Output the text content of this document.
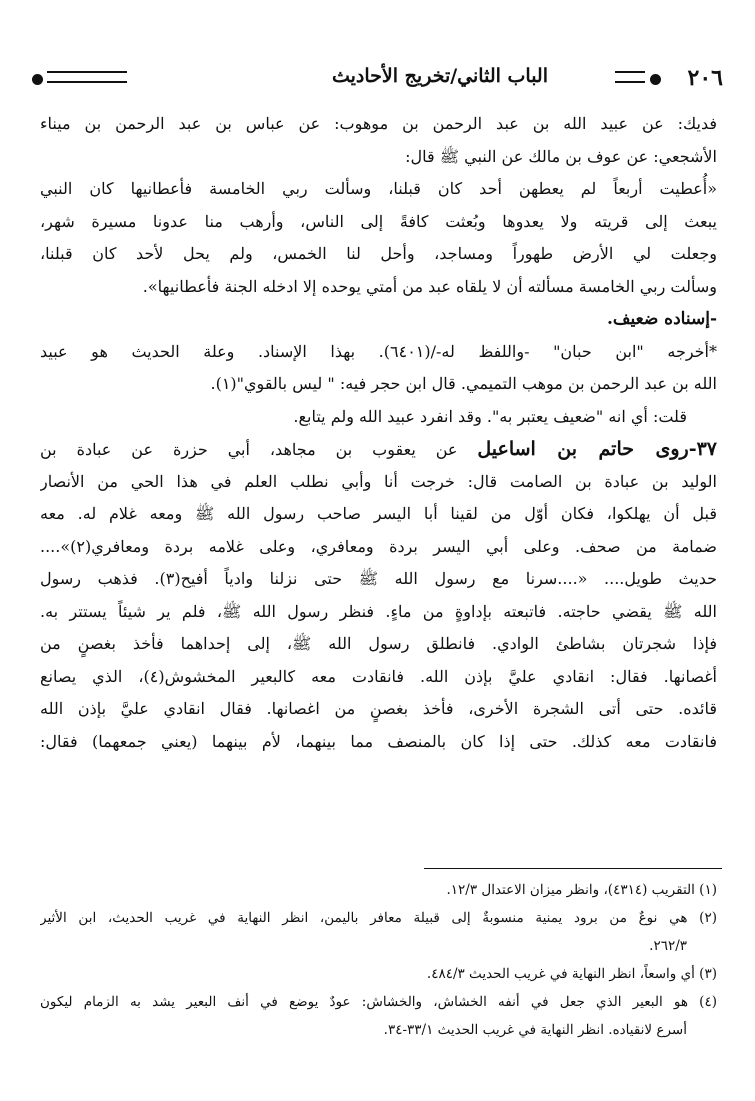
٢٠٦
الباب الثاني/تخريج الأحاديث
فديك: عن عبيد الله بن عبد الرحمن بن موهوب: عن عباس بن عبد الرحمن بن ميناء
الأشجعي: عن عوف بن مالك عن النبي ﷺ قال:
«أُعطيت أربعاً لم يعطهن أحد كان قبلنا، وسألت ربي الخامسة فأعطانيها كان النبي
يبعث إلى قريته ولا يعدوها وبُعثت كافةً إلى الناس، وأرهب منا عدونا مسيرة شهر،
وجعلت لي الأرض طهوراً ومساجد، وأحل لنا الخمس، ولم يحل لأحد كان قبلنا،
وسألت ربي الخامسة مسألته أن لا يلقاه عبد من أمتي يوحده إلا ادخله الجنة فأعطانيها».
-إسناده ضعيف.
*أخرجه "ابن حبان" -واللفظ له-/(٦٤٠١). بهذا الإسناد. وعلة الحديث هو عبيد
الله بن عبد الرحمن بن موهب التميمي. قال ابن حجر فيه: " ليس بالقوي"(١).
قلت: أي انه "ضعيف يعتبر به". وقد انفرد عبيد الله ولم يتابع.
٣٧-روى حاتم بن اساعيل عن يعقوب بن مجاهد، أبي حزرة عن عبادة بن
الوليد بن عبادة بن الصامت قال: خرجت أنا وأبي نطلب العلم في هذا الحي من الأنصار
قبل أن يهلكوا، فكان أوّل من لقينا أبا اليسر صاحب رسول الله ﷺ ومعه غلام له. معه
ضمامة من صحف. وعلى أبي اليسر بردة ومعافري، وعلى غلامه بردة ومعافري(٢)»....
حديث طويل.... «....سرنا مع رسول الله ﷺ حتى نزلنا وادياً أفيح(٣). فذهب رسول
الله ﷺ يقضي حاجته. فاتبعته بإداوةٍ من ماءٍ. فنظر رسول الله ﷺ، فلم ير شيئاً يستتر به.
فإذا شجرتان بشاطئ الوادي. فانطلق رسول الله ﷺ، إلى إحداهما فأخذ بغصنٍ من
أغصانها. فقال: انقادي عليَّ بإذن الله. فانقادت معه كالبعير المخشوش(٤)، الذي يصانع
قائده. حتى أتى الشجرة الأخرى، فأخذ بغصنٍ من اغصانها. فقال انقادي عليَّ بإذن الله
فانقادت معه كذلك. حتى إذا كان بالمنصف مما بينهما، لأم بينهما (يعني جمعهما) فقال:
(١) التقريب (٤٣١٤)، وانظر ميزان الاعتدال ١٢/٣.
(٢) هي نوعٌ من برود يمنية منسوبةٌ إلى قبيلة معافر باليمن، انظر النهاية في غريب الحديث، ابن الأثير
٢٦٢/٣.
(٣) أي واسعاً، انظر النهاية في غريب الحديث ٤٨٤/٣.
(٤) هو البعير الذي جعل في أنفه الخشاش، والخشاش: عودٌ يوضع في أنف البعير يشد به الزمام ليكون
أسرع لانقياده. انظر النهاية في غريب الحديث ٣٣/١-٣٤.
